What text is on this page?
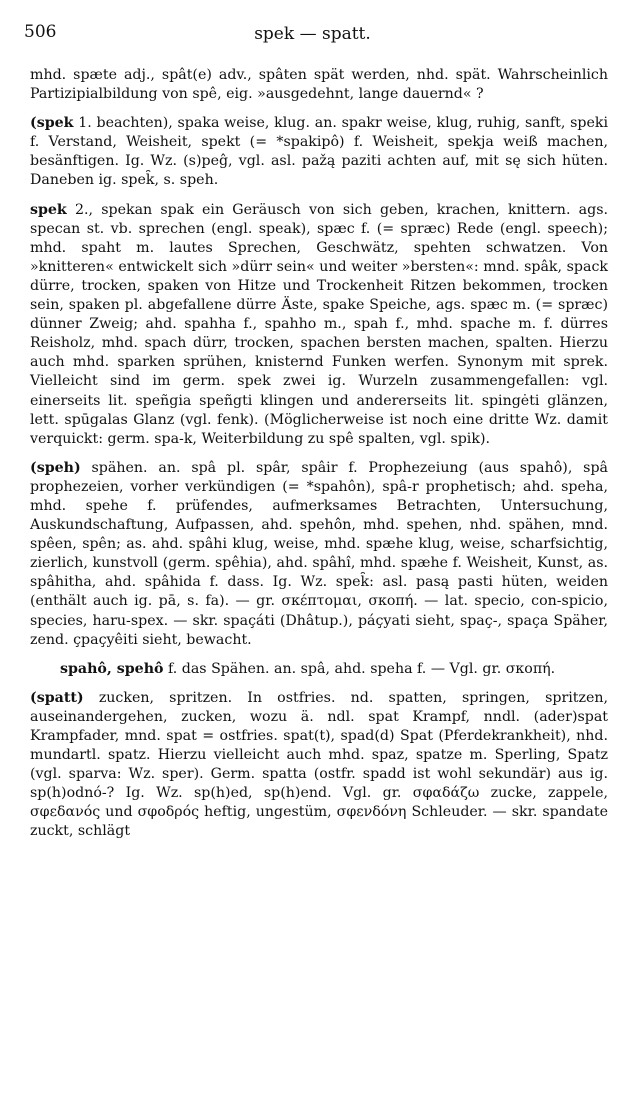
506	spek — spatt.

mhd. spæte adj., spât(e) adv., spâten spät werden, nhd. spät. Wahrscheinlich Partizipialbildung von spê, eig. »ausgedehnt, lange dauernd« ?

(spek 1. beachten), spaka weise, klug. an. spakr weise, klug, ruhig, sanft, speki f. Verstand, Weisheit, spekt (= *spakipô) f. Weisheit, spekja weiß machen, besänftigen. Ig. Wz. (s)peĝ, vgl. asl. pažą paziti achten auf, mit sę sich hüten. Daneben ig. spek̑, s. speh.

spek 2., spekan spak ein Geräusch von sich geben, krachen, knittern. ags. specan st. vb. sprechen (engl. speak), spæc f. (= spræc) Rede (engl. speech); mhd. spaht m. lautes Sprechen, Geschwätz, spehten schwatzen. Von »knitteren« entwickelt sich »dürr sein« und weiter »bersten«: mnd. spâk, spack dürre, trocken, spaken von Hitze und Trockenheit Ritzen bekommen, trocken sein, spaken pl. abgefallene dürre Äste, spake Speiche, ags. spæc m. (= spræc) dünner Zweig; ahd. spahha f., spahho m., spah f., mhd. spache m. f. dürres Reisholz, mhd. spach dürr, trocken, spachen bersten machen, spalten. Hierzu auch mhd. sparken sprühen, knisternd Funken werfen. Synonym mit sprek. Vielleicht sind im germ. spek zwei ig. Wurzeln zusammengefallen: vgl. einerseits lit. speñgia speñgti klingen und andererseits lit. spingėti glänzen, lett. spūgalas Glanz (vgl. fenk). (Möglicherweise ist noch eine dritte Wz. damit verquickt: germ. spa-k, Weiterbildung zu spê spalten, vgl. spik).

(speh) spähen. an. spâ pl. spâr, spâir f. Prophezeiung (aus spahô), spâ prophezeien, vorher verkündigen (= *spahôn), spâ-r prophetisch; ahd. speha, mhd. spehe f. prüfendes, aufmerksames Betrachten, Untersuchung, Auskundschaftung, Aufpassen, ahd. spehôn, mhd. spehen, nhd. spähen, mnd. spêen, spên; as. ahd. spâhi klug, weise, mhd. spæhe klug, weise, scharfsichtig, zierlich, kunstvoll (germ. spêhia), ahd. spâhî, mhd. spæhe f. Weisheit, Kunst, as. spâhitha, ahd. spâhida f. dass. Ig. Wz. spek̑: asl. pasą pasti hüten, weiden (enthält auch ig. pā, s. fa). — gr. σκέπτομαι, σκοπή. — lat. specio, con-spicio, species, haru-spex. — skr. spaçáti (Dhâtup.), páçyati sieht, spaç-, spaça Späher, zend. çpaçyêiti sieht, bewacht.

spahô, spehô f. das Spähen. an. spâ, ahd. speha f. — Vgl. gr. σκοπή.

(spatt) zucken, spritzen. In ostfries. nd. spatten, springen, spritzen, auseinandergehen, zucken, wozu ä. ndl. spat Krampf, nndl. (ader)spat Krampfader, mnd. spat = ostfries. spat(t), spad(d) Spat (Pferdekrankheit), nhd. mundartl. spatz. Hierzu vielleicht auch mhd. spaz, spatze m. Sperling, Spatz (vgl. sparva: Wz. sper). Germ. spatta (ostfr. spadd ist wohl sekundär) aus ig. sp(h)odnó-? Ig. Wz. sp(h)ed, sp(h)end. Vgl. gr. σφαδάζω zucke, zappele, σφεδανός und σφοδρός heftig, ungestüm, σφενδόνη Schleuder. — skr. spandate zuckt, schlägt
